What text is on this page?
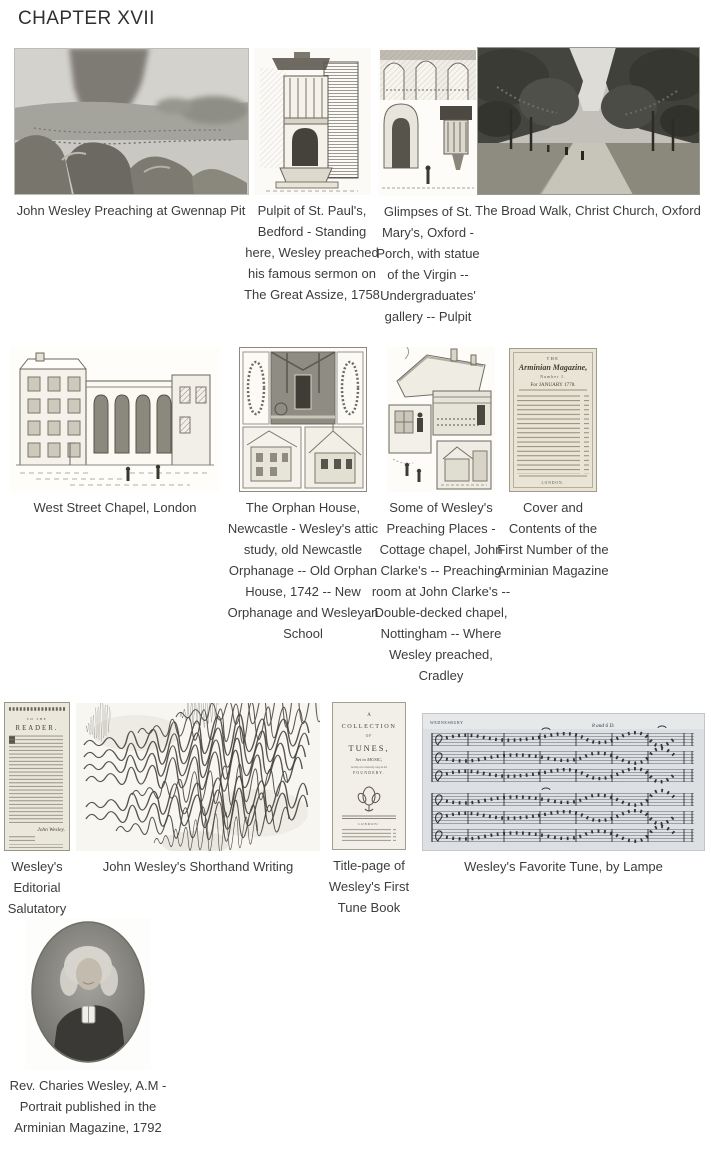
CHAPTER XVII
John Wesley Preaching at Gwennap Pit Pulpit of St. Paul's, Bedford - Standing here, Wesley preached his famous sermon on The Great Assize, 1758
Glimpses of St. Mary's, Oxford - Porch, with statue of the Virgin -- Undergraduates' gallery -- Pulpit
The Broad Walk, Christ Church, Oxford
West Street Chapel, London	The Orphan House, Newcastle - Wesley's attic study, old Newcastle Orphanage -- Old Orphan House, 1742 -- New Orphanage and Wesleyan School
Some of Wesley's Preaching Places - Cottage chapel, John Clarke's -- Preaching room at John Clarke's -- Double-decked chapel, Nottingham -- Where Wesley preached, Cradley
THE
Arminian Magazine,
Number I.
For JANUARY 1778.
LONDON.
Cover and Contents of the First Number of the Arminian Magazine
TO THE
READER.
John Wesley.
Wesley's Editorial Salutatory
John Wesley's Shorthand Writing
A
COLLECTION
OF
TUNES,
Set to MUSIC,
As they are commonly sung at the
FOUNDERY.
LONDON:
Title-page of Wesley's First Tune Book
WEDNESBURY
8 and 6 D.
Wesley's Favorite Tune, by Lampe
Rev. Charies Wesley, A.M - Portrait published in the Arminian Magazine, 1792
